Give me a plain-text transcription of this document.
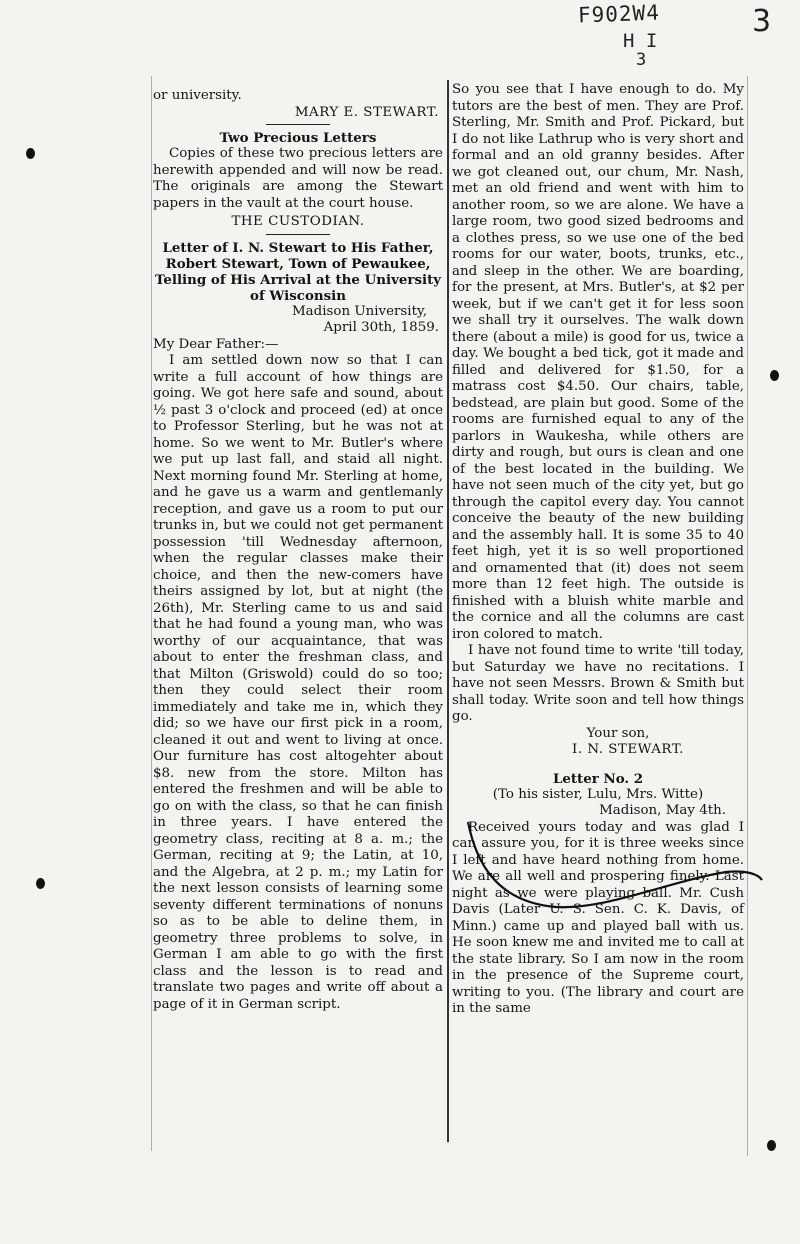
F902W4
H I
3
3

or university.

MARY E. STEWART.

Two Precious Letters

Copies of these two precious letters are herewith appended and will now be read. The originals are among the Stewart papers in the vault at the court house.

THE CUSTODIAN.

Letter of I. N. Stewart to His Father, Robert Stewart, Town of Pewaukee, Telling of His Arrival at the University of Wisconsin

Madison University,

April 30th, 1859.

My Dear Father:—

I am settled down now so that I can write a full account of how things are going. We got here safe and sound, about ½ past 3 o'clock and proceed (ed) at once to Professor Sterling, but he was not at home. So we went to Mr. Butler's where we put up last fall, and staid all night. Next morning found Mr. Sterling at home, and he gave us a warm and gentlemanly reception, and gave us a room to put our trunks in, but we could not get permanent possession 'till Wednesday afternoon, when the regular classes make their choice, and then the new-comers have theirs assigned by lot, but at night (the 26th), Mr. Sterling came to us and said that he had found a young man, who was worthy of our acquaintance, that was about to enter the freshman class, and that Milton (Griswold) could do so too; then they could select their room immediately and take me in, which they did; so we have our first pick in a room, cleaned it out and went to living at once. Our furniture has cost altogehter about $8. new from the store. Milton has entered the freshmen and will be able to go on with the class, so that he can finish in three years. I have entered the geometry class, reciting at 8 a. m.; the German, reciting at 9; the Latin, at 10, and the Algebra, at 2 p. m.; my Latin for the next lesson consists of learning some seventy different terminations of nonuns so as to be able to deline them, in geometry three problems to solve, in German I am able to go with the first class and the lesson is to read and translate two pages and write off about a page of it in German script.

So you see that I have enough to do. My tutors are the best of men. They are Prof. Sterling, Mr. Smith and Prof. Pickard, but I do not like Lathrup who is very short and formal and an old granny besides. After we got cleaned out, our chum, Mr. Nash, met an old friend and went with him to another room, so we are alone. We have a large room, two good sized bedrooms and a clothes press, so we use one of the bed rooms for our water, boots, trunks, etc., and sleep in the other. We are boarding, for the present, at Mrs. Butler's, at $2 per week, but if we can't get it for less soon we shall try it ourselves. The walk down there (about a mile) is good for us, twice a day. We bought a bed tick, got it made and filled and delivered for $1.50, for a matrass cost $4.50. Our chairs, table, bedstead, are plain but good. Some of the rooms are furnished equal to any of the parlors in Waukesha, while others are dirty and rough, but ours is clean and one of the best located in the building. We have not seen much of the city yet, but go through the capitol every day. You cannot conceive the beauty of the new building and the assembly hall. It is some 35 to 40 feet high, yet it is so well proportioned and ornamented that (it) does not seem more than 12 feet high. The outside is finished with a bluish white marble and the cornice and all the columns are cast iron colored to match.

I have not found time to write 'till today, but Saturday we have no recitations. I have not seen Messrs. Brown & Smith but shall today. Write soon and tell how things go.

Your son,

I. N. STEWART.

Letter No. 2

(To his sister, Lulu, Mrs. Witte)

Madison, May 4th.

Received yours today and was glad I can assure you, for it is three weeks since I left and have heard nothing from home. We are all well and prospering finely. Last night as we were playing ball. Mr. Cush Davis (Later U. S. Sen. C. K. Davis, of Minn.) came up and played ball with us. He soon knew me and invited me to call at the state library. So I am now in the room in the presence of the Supreme court, writing to you. (The library and court are in the same
